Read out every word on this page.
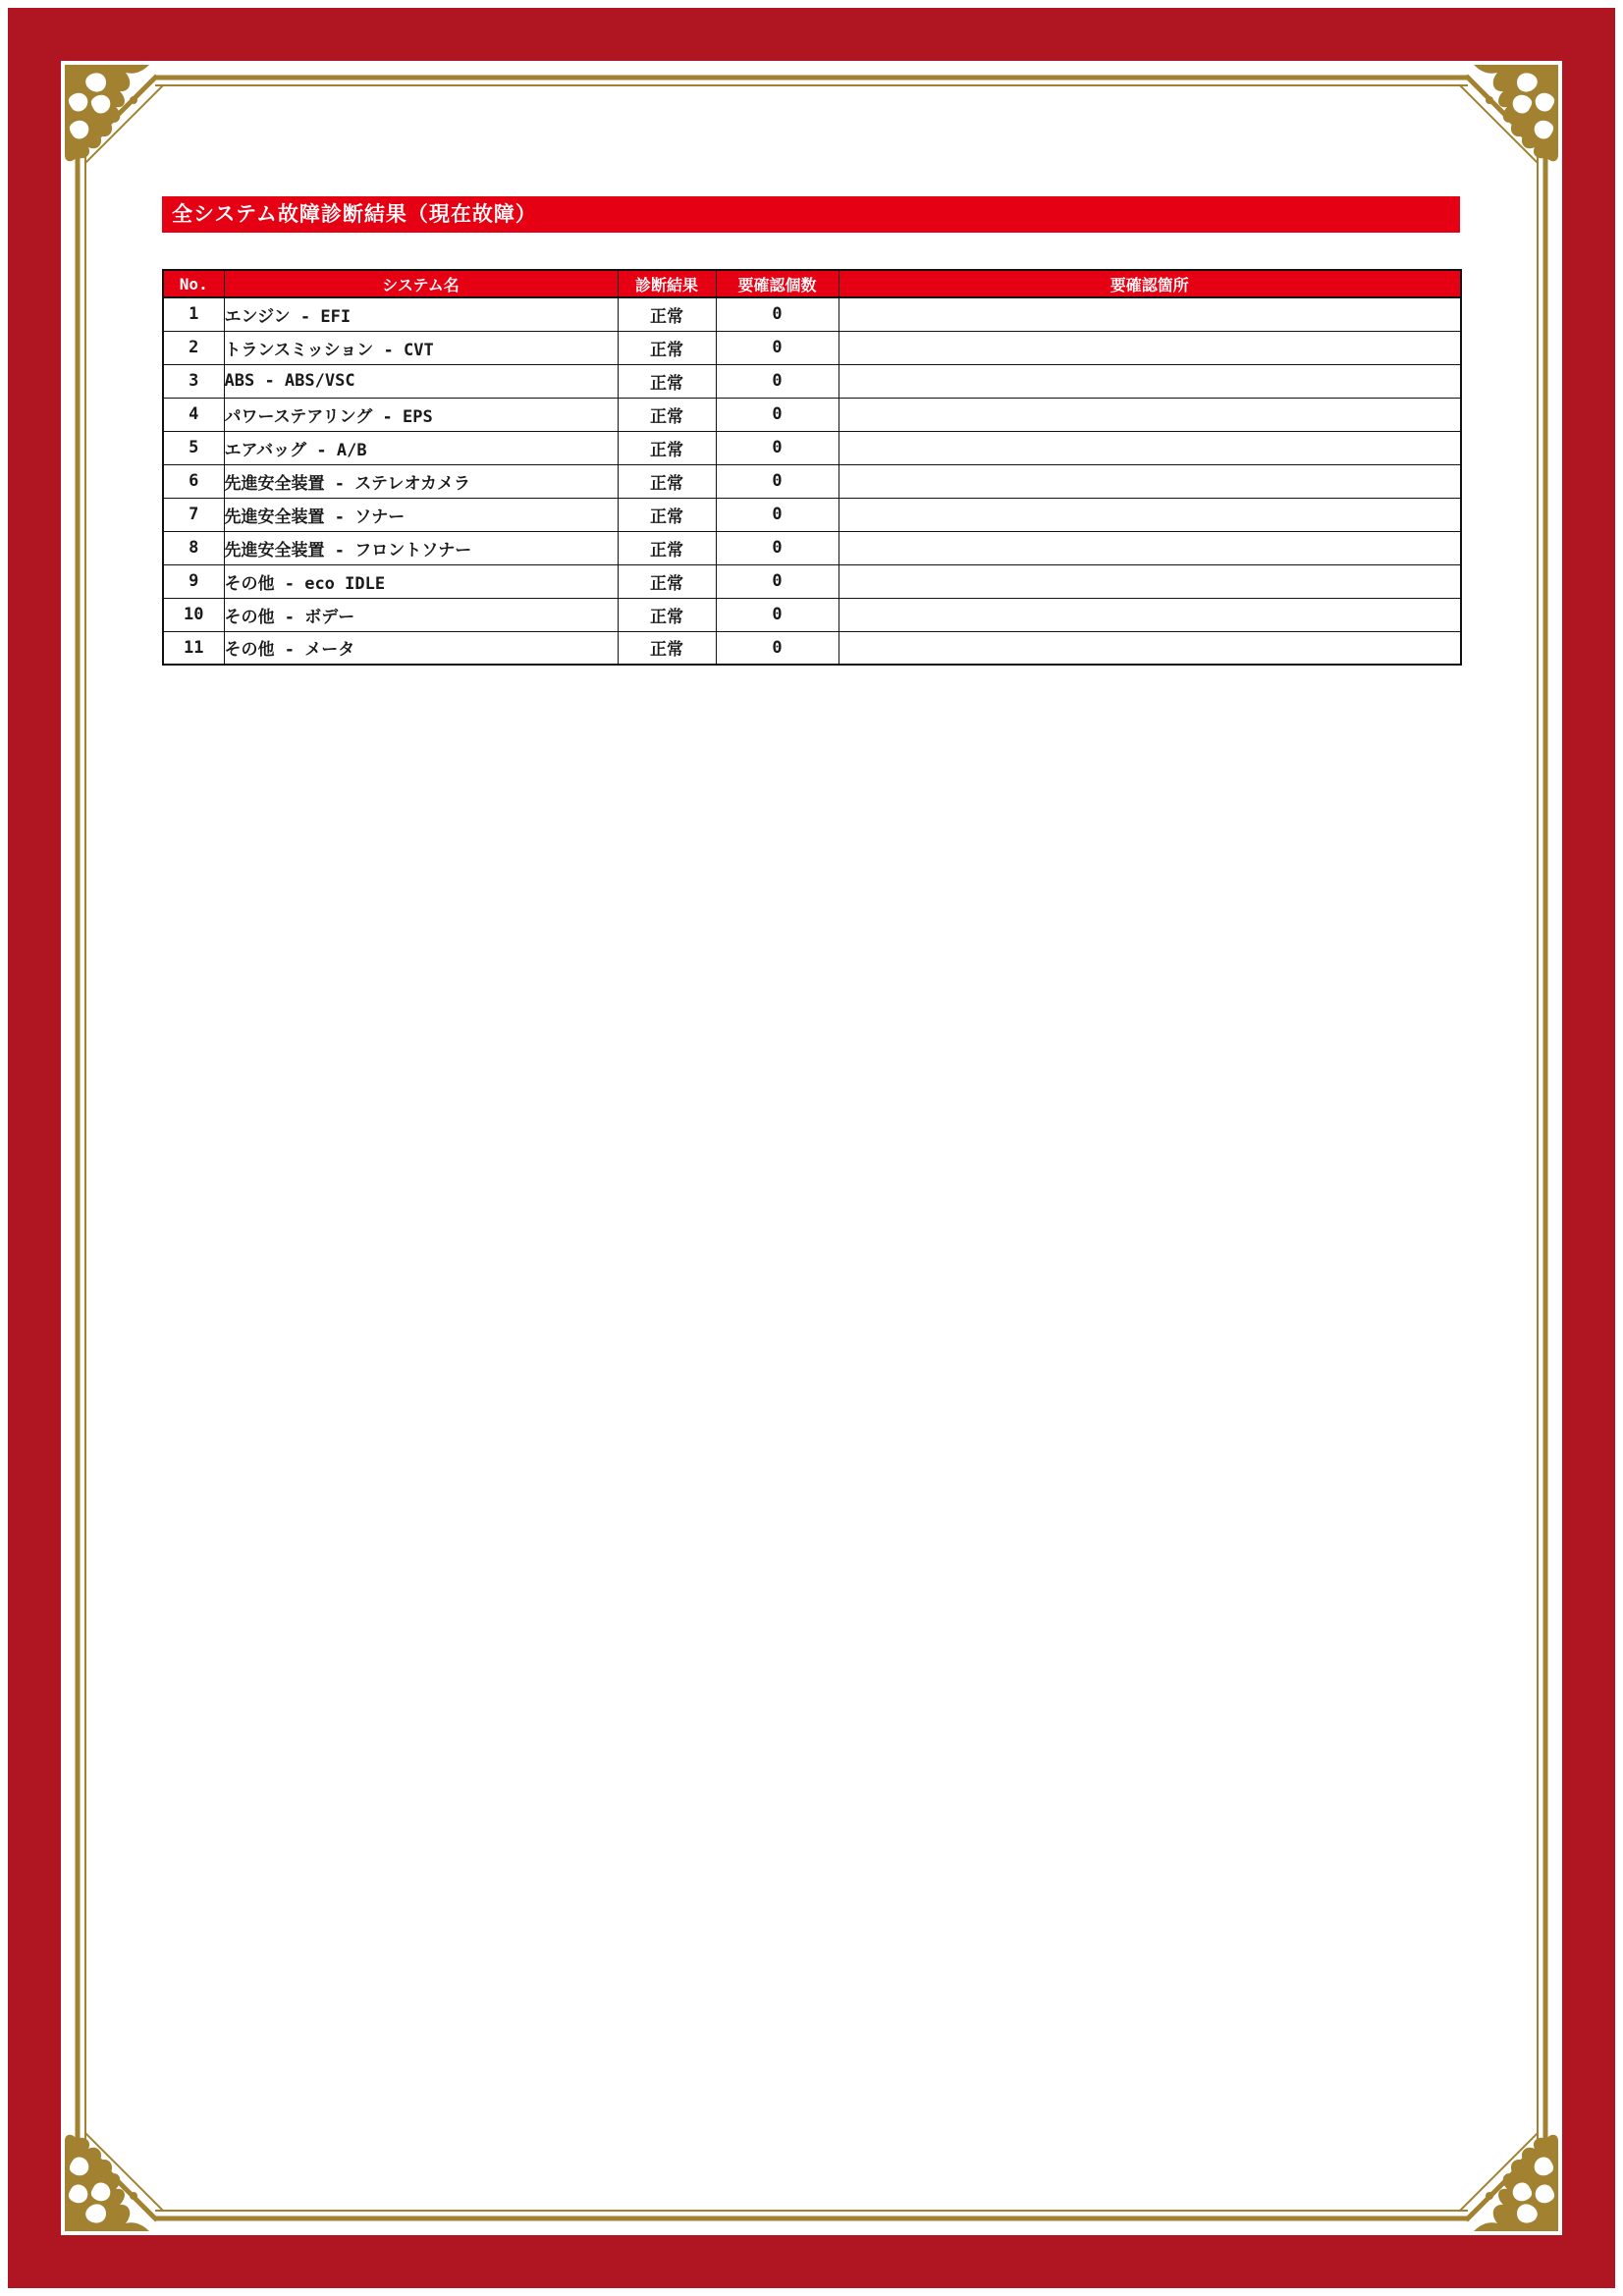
全システム故障診断結果（現在故障）
No.	システム名	診断結果	要確認個数	要確認箇所
1	エンジン - EFI	正常	0	
2	トランスミッション - CVT	正常	0	
3	ABS - ABS/VSC	正常	0	
4	パワーステアリング - EPS	正常	0	
5	エアバッグ - A/B	正常	0	
6	先進安全装置 - ステレオカメラ	正常	0	
7	先進安全装置 - ソナー	正常	0	
8	先進安全装置 - フロントソナー	正常	0	
9	その他 - eco IDLE	正常	0	
10	その他 - ボデー	正常	0	
11	その他 - メータ	正常	0	
